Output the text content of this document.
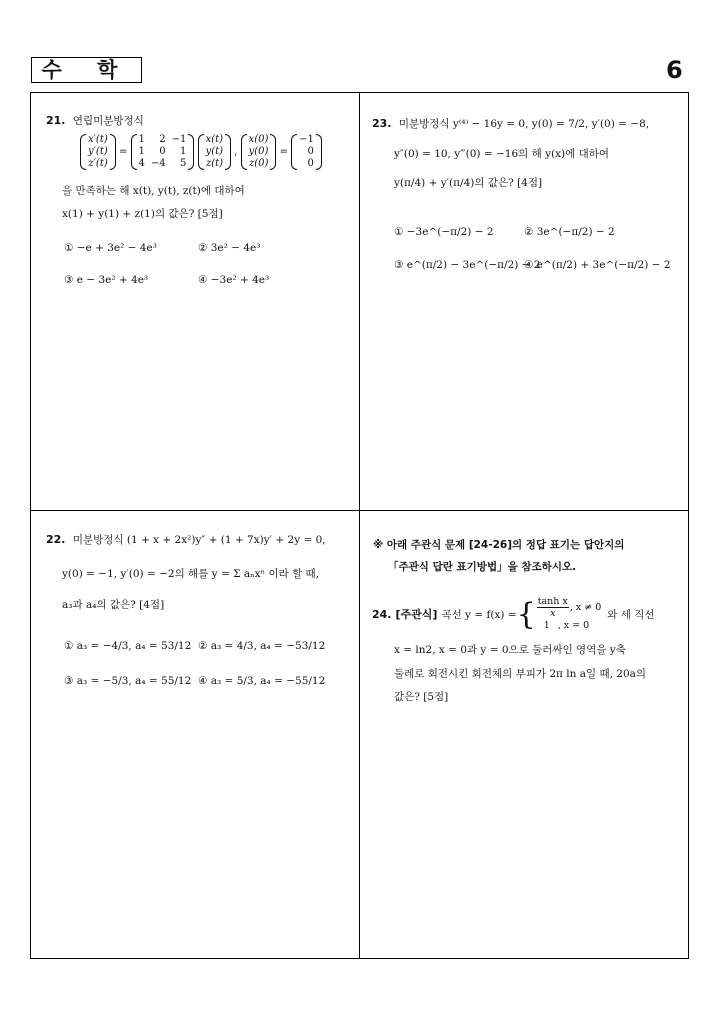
수 학	6
21. 연립미분방정식
x′(t)
y′(t)
z′(t)
=
1	2	−1
1	0	1
4	−4	5

x(t)
y(t)
z(t)
,
x(0)
y(0)
z(0)
=
−1
0
0
을 만족하는 해 x(t), y(t), z(t)에 대하여
x(1) + y(1) + z(1)의 값은? [5점]
① −e + 3e² − 4e³	② 3e² − 4e³
③ e − 3e² + 4e³	④ −3e² + 4e³
22. 미분방정식 (1 + x + 2x²)y″ + (1 + 7x)y′ + 2y = 0,
y(0) = −1, y′(0) = −2의 해를 y = Σ aₙxⁿ 이라 할 때,
a₃과 a₄의 값은? [4점]
① a₃ = −4/3, a₄ = 53/12 ② a₃ = 4/3, a₄ = −53/12
③ a₃ = −5/3, a₄ = 55/12 ④ a₃ = 5/3, a₄ = −55/12
23. 미분방정식 y⁽⁴⁾ − 16y = 0, y(0) = 7/2, y′(0) = −8,
y″(0) = 10, y‴(0) = −16의 해 y(x)에 대하여
y(π/4) + y′(π/4)의 값은? [4점]
① −3e^(−π/2) − 2	② 3e^(−π/2) − 2
③ e^(π/2) − 3e^(−π/2) − 2
④ e^(π/2) + 3e^(−π/2) − 2
※ 아래 주관식 문제 [24-26]의 정답 표기는 답안지의
「주관식 답란 표기방법」을 참조하시오.
24. [주관식] 곡선 y = f(x) = { $\frac{\text{tanh x}}{x}$ , x ≠ 0
1 , x = 0
와 세 직선
x = ln2, x = 0과 y = 0으로 둘러싸인 영역을 y축
둘레로 회전시킨 회전체의 부피가 2π ln a일 때, 20a의
값은? [5점]
